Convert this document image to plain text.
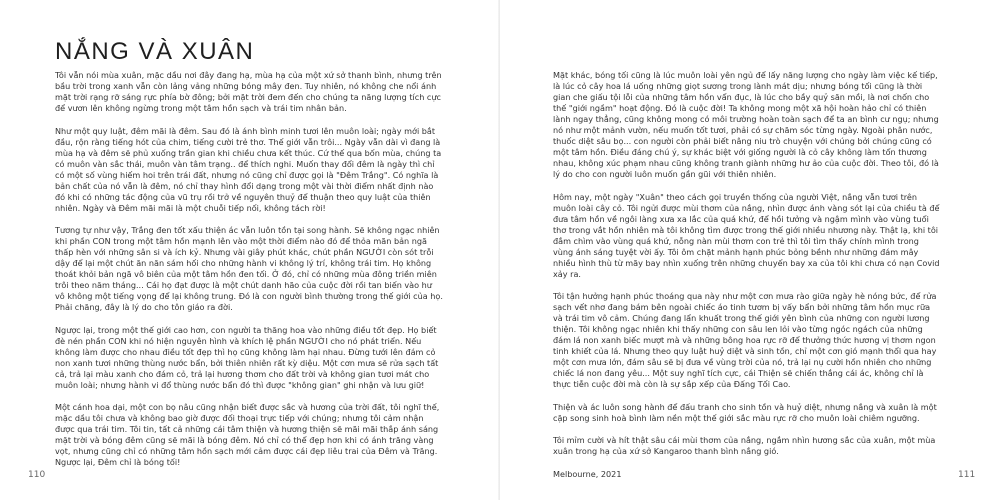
NẮNG VÀ XUÂN

Tôi vẫn nói mùa xuân, mặc dầu nơi đây đang hạ, mùa hạ của một xứ sở thanh bình, nhưng trên bầu trời trong xanh vẫn còn lảng vảng những bóng mây đen. Tuy nhiên, nó không che nổi ánh mặt trời rạng rỡ sáng rực phía bờ đông; bởi mặt trời đem đến cho chúng ta năng lượng tích cực để vươn lên không ngừng trong một tâm hồn sạch và trái tim nhân bản.

Như một quy luật, đêm mãi là đêm. Sau đó là ánh bình minh tươi lên muôn loài; ngày mới bắt đầu, rộn ràng tiếng hót của chim, tiếng cười trẻ thơ. Thế giới vẫn trôi... Ngày vẫn dài vì đang là mùa hạ và đêm sẽ phủ xuống trần gian khi chiều chưa kết thúc. Cứ thế qua bốn mùa, chúng ta có muôn vàn sắc thái, muôn vàn tâm trạng.. để thích nghi. Muốn thay đổi đêm là ngày thì chỉ có một số vùng hiếm hoi trên trái đất, nhưng nó cũng chỉ được gọi là "Đêm Trắng". Có nghĩa là bản chất của nó vẫn là đêm, nó chỉ thay hình đổi dạng trong một vài thời điểm nhất định nào đó khi có những tác động của vũ trụ rồi trở về nguyên thuỷ để thuận theo quy luật của thiên nhiên. Ngày và Đêm mãi mãi là một chuỗi tiếp nối, không tách rời!

Tương tự như vậy, Trắng đen tốt xấu thiện ác vẫn luôn tồn tại song hành. Sẽ không ngạc nhiên khi phần CON trong một tâm hồn mạnh lên vào một thời điểm nào đó để thỏa mãn bản ngã thấp hèn với những sân si và ích kỷ. Nhưng vài giây phút khác, chút phần NGƯỜI còn sót trỗi dậy để lại một chút ăn năn sám hối cho những hành vi không lý trí, không trái tim. Họ không thoát khỏi bản ngã vô biên của một tâm hồn đen tối. Ở đó, chỉ có những mùa đông triền miên trôi theo năm tháng... Cái họ đạt được là một chút danh hão của cuộc đời rồi tan biến vào hư vô không một tiếng vọng để lại không trung. Đó là con người bình thường trong thế giới của họ. Phải chăng, đây là lý do cho tôn giáo ra đời.

Ngược lại, trong một thế giới cao hơn, con người ta thăng hoa vào những điều tốt đẹp. Họ biết đè nén phần CON khi nó hiện nguyên hình và khích lệ phần NGƯỜI cho nó phát triển. Nếu không làm được cho nhau điều tốt đẹp thì họ cũng không làm hại nhau. Đừng tưới lên đám cỏ non xanh tươi những thùng nước bẩn, bởi thiên nhiên rất kỳ diệu. Một cơn mưa sẽ rửa sạch tất cả, trả lại màu xanh cho đám cỏ, trả lại hương thơm cho đất trời và không gian tươi mát cho muôn loài; nhưng hành vi đổ thùng nước bẩn đó thì được "không gian" ghi nhận và lưu giữ!

Một cánh hoa dại, một con bọ nâu cũng nhận biết được sắc và hương của trời đất, tôi nghĩ thế, mặc dầu tôi chưa và không bao giờ được đối thoại trực tiếp với chúng; nhưng tôi cảm nhận được qua trái tim. Tôi tin, tất cả những cái tâm thiện và hương thiện sẽ mãi mãi thắp ánh sáng mặt trời và bóng đêm cũng sẽ mãi là bóng đêm. Nó chỉ có thể đẹp hơn khi có ánh trăng vàng vọt, nhưng cũng chỉ có những tâm hồn sạch mới cảm được cái đẹp liêu trai của Đêm và Trăng. Ngược lại, Đêm chỉ là bóng tối!

110

Mặt khác, bóng tối cũng là lúc muôn loài yên ngủ để lấy năng lượng cho ngày làm việc kế tiếp, là lúc cỏ cây hoa lá uống những giọt sương trong lành mát dịu; nhưng bóng tối cũng là thời gian che giấu tội lỗi của những tâm hồn vẩn đục, là lúc cho bầy quỷ săn mồi, là nơi chốn cho thế "giới ngầm" hoạt động. Đó là cuộc đời! Ta không mong một xã hội hoàn hảo chỉ có thiên lành ngay thẳng, cũng không mong có môi trường hoàn toàn sạch để ta an bình cư ngụ; nhưng nó như một mảnh vườn, nếu muốn tốt tươi, phải có sự chăm sóc từng ngày. Ngoài phân nước, thuốc diệt sâu bọ... con người còn phải biết nâng niu trò chuyện với chúng bởi chúng cũng có một tâm hồn. Điều đáng chú ý, sự khác biệt với giống người là cỏ cây không làm tổn thương nhau, không xúc phạm nhau cũng không tranh giành những hư ảo của cuộc đời. Theo tôi, đó là lý do cho con người luôn muốn gần gũi với thiên nhiên.

Hôm nay, một ngày "Xuân" theo cách gọi truyền thống của người Việt, nắng vẫn tươi trên muôn loài cây cỏ. Tôi ngửi được mùi thơm của nắng, nhìn được ánh vàng sót lại của chiều tà để đưa tâm hồn về ngôi làng xưa xa lắc của quá khứ, để hồi tưởng và ngậm mình vào vùng tuổi thơ trong vắt hồn nhiên mà tôi không tìm được trong thế giới nhiều nhương này. Thật lạ, khi tôi đắm chìm vào vùng quá khứ, nỗng nàn mùi thơm con trẻ thì tôi tìm thấy chính mình trong vùng ánh sáng tuyệt vời ấy. Tôi ôm chặt mảnh hạnh phúc bỏng bềnh như những đám mây nhiều hình thù từ mãy bay nhìn xuống trên những chuyến bay xa của tôi khi chưa có nạn Covid xảy ra.

Tôi tận hưởng hạnh phúc thoáng qua này như một cơn mưa rào giữa ngày hè nóng bức, để rửa sạch vết nhơ đang bám bên ngoài chiếc áo tinh tươm bị vấy bẩn bởi những tâm hồn mục rữa và trái tim vô cảm. Chúng đang lẩn khuất trong thế giới yên bình của những con người lương thiện. Tôi không ngạc nhiên khi thấy những con sâu len lỏi vào từng ngóc ngách của những đám lá non xanh biếc mượt mà và những bông hoa rực rỡ để thưởng thức hương vị thơm ngon tinh khiết của lá. Nhưng theo quy luật huỷ diệt và sinh tồn, chỉ một cơn gió mạnh thổi qua hay một cơn mưa lớn, đám sâu sẽ bị đưa về vùng trời của nó, trả lại nụ cười hồn nhiên cho những chiếc lá non đang yêu... Một suy nghĩ tích cực, cái Thiện sẽ chiến thắng cái ác, không chỉ là thực tiễn cuộc đời mà còn là sự sắp xếp của Đấng Tối Cao.

Thiện và ác luôn song hành để đấu tranh cho sinh tồn và huỷ diệt, nhưng nắng và xuân là một cặp song sinh hoà bình làm nền một thế giới sắc màu rực rỡ cho muôn loài chiêm ngưỡng.

Tôi mỉm cười và hít thật sâu cái mùi thơm của nắng, ngắm nhìn hương sắc của xuân, một mùa xuân trong hạ của xứ sở Kangaroo thanh bình nắng gió.

Melbourne, 2021	111
